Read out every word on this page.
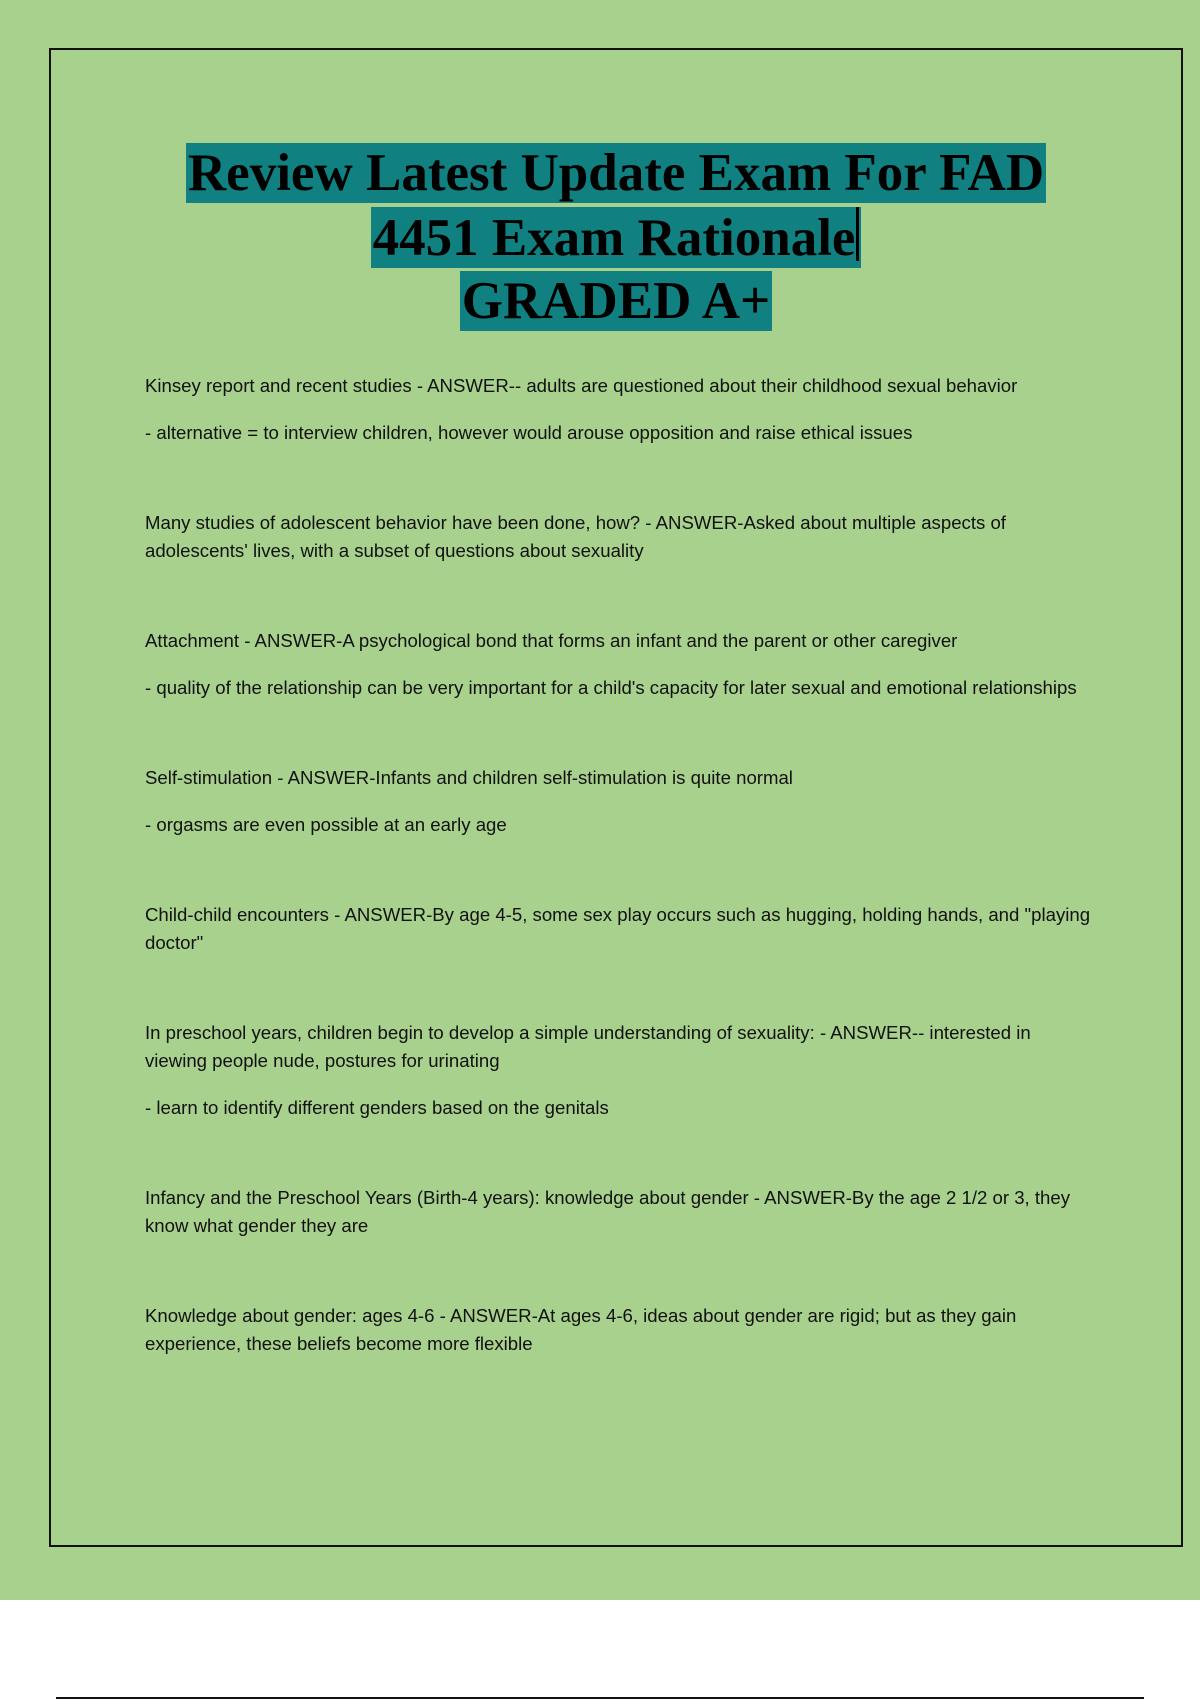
Review Latest Update Exam For FAD
4451 Exam Rationale
GRADED A+

Kinsey report and recent studies - ANSWER-- adults are questioned about their childhood sexual behavior

- alternative = to interview children, however would arouse opposition and raise ethical issues

Many studies of adolescent behavior have been done, how? - ANSWER-Asked about multiple aspects of adolescents' lives, with a subset of questions about sexuality

Attachment - ANSWER-A psychological bond that forms an infant and the parent or other caregiver

- quality of the relationship can be very important for a child's capacity for later sexual and emotional relationships

Self-stimulation - ANSWER-Infants and children self-stimulation is quite normal

- orgasms are even possible at an early age

Child-child encounters - ANSWER-By age 4-5, some sex play occurs such as hugging, holding hands, and "playing doctor"

In preschool years, children begin to develop a simple understanding of sexuality: - ANSWER-- interested in viewing people nude, postures for urinating

- learn to identify different genders based on the genitals

Infancy and the Preschool Years (Birth-4 years): knowledge about gender - ANSWER-By the age 2 1/2 or 3, they know what gender they are

Knowledge about gender: ages 4-6 - ANSWER-At ages 4-6, ideas about gender are rigid; but as they gain experience, these beliefs become more flexible
